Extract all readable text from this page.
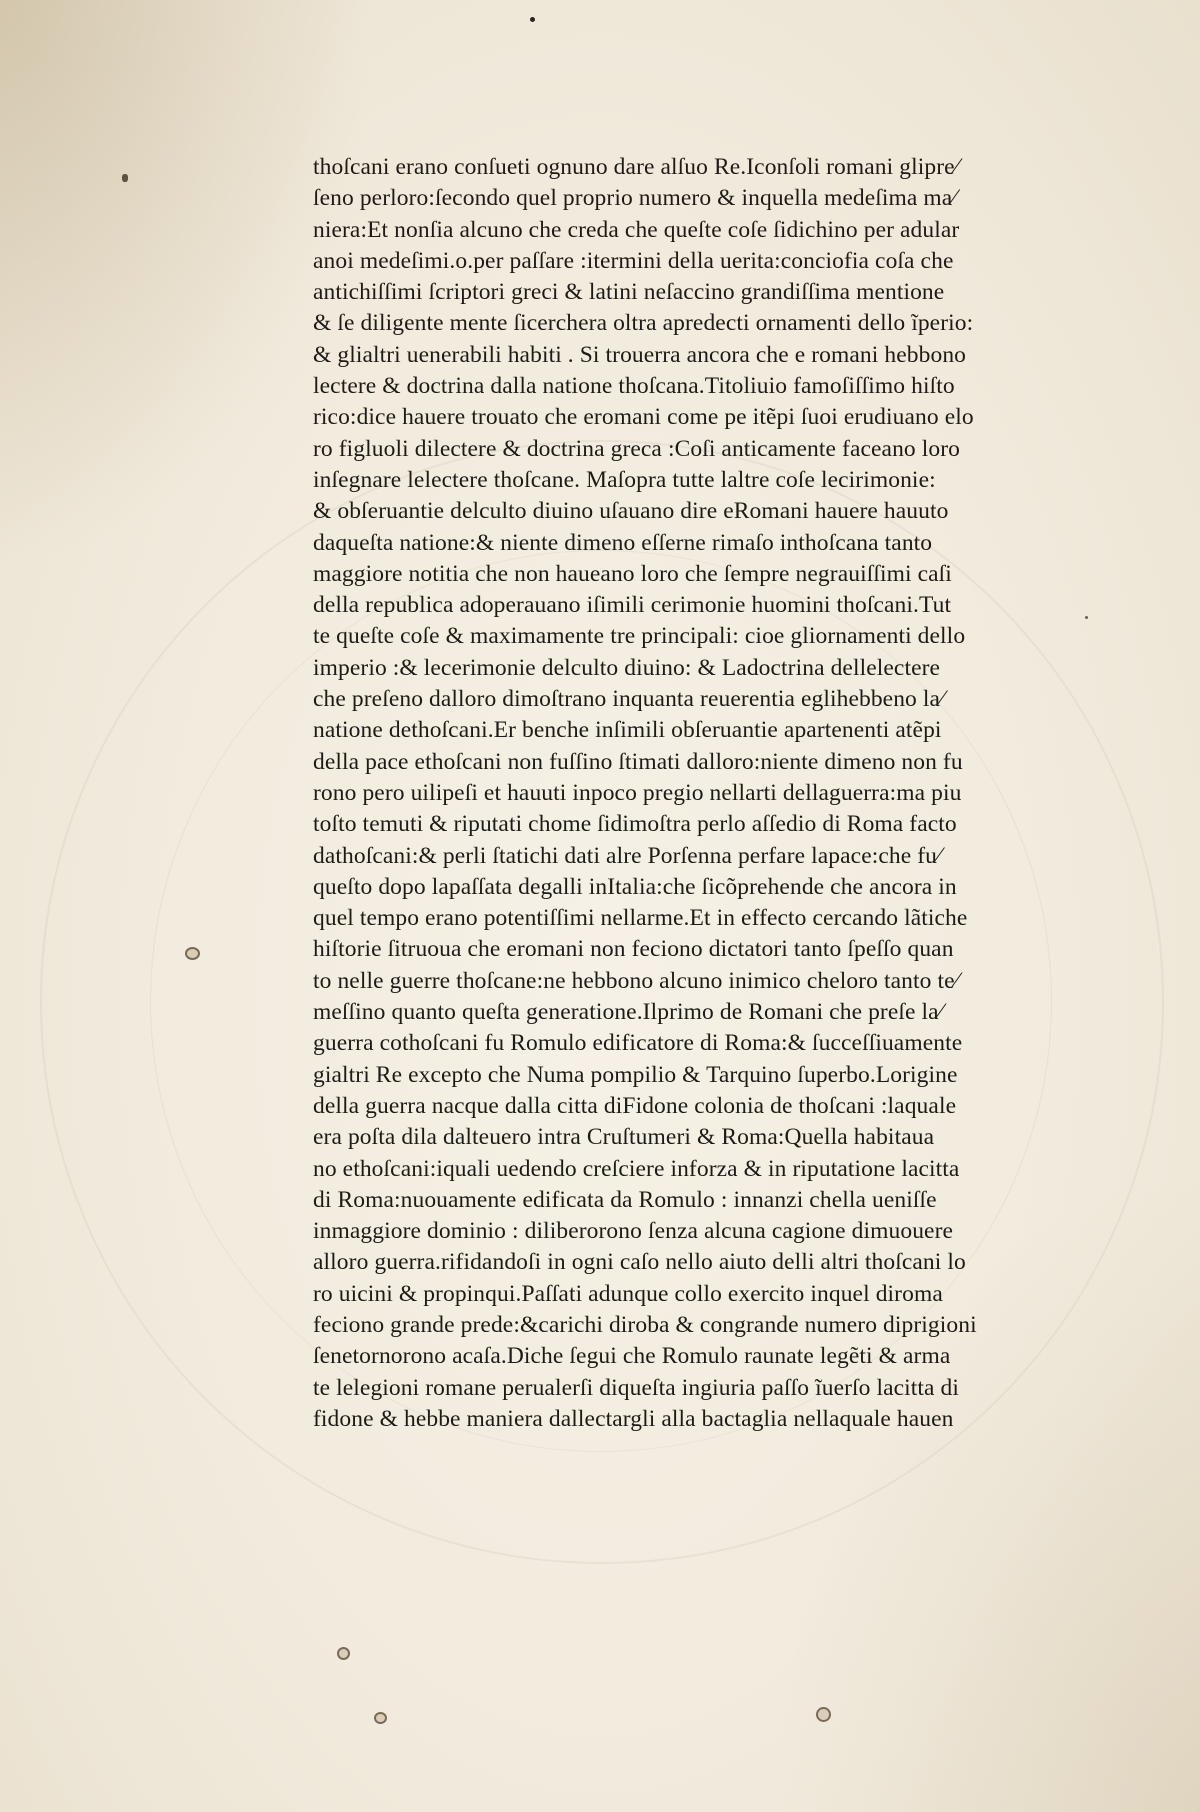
thoſcani erano conſueti ognuno dare alſuo Re.Iconſoli romani glipre⁄
ſeno perloro:ſecondo quel proprio numero & inquella medeſima ma⁄
niera:Et nonſia alcuno che creda che queſte coſe ſidichino per adular
anoi medeſimi.o.per paſſare :itermini della uerita:conciofia coſa che
antichiſſimi ſcriptori greci & latini neſaccino grandiſſima mentione
& ſe diligente mente ſicerchera oltra apredecti ornamenti dello ĩperio:
& glialtri uenerabili habiti . Si trouerra ancora che e romani hebbono
lectere & doctrina dalla natione thoſcana.Titoliuio famoſiſſimo hiſto
rico:dice hauere trouato che eromani come pe itẽpi ſuoi erudiuano elo
ro figluoli dilectere & doctrina greca :Coſi anticamente faceano loro
inſegnare lelectere thoſcane. Maſopra tutte laltre coſe lecirimonie:
& obſeruantie delculto diuino uſauano dire eRomani hauere hauuto
daqueſta natione:& niente dimeno eſſerne rimaſo inthoſcana tanto
maggiore notitia che non haueano loro che ſempre negrauiſſimi caſi
della republica adoperauano iſimili cerimonie huomini thoſcani.Tut
te queſte coſe & maximamente tre principali: cioe gliornamenti dello
imperio :& lecerimonie delculto diuino: & Ladoctrina dellelectere
che preſeno dalloro dimoſtrano inquanta reuerentia eglihebbeno la⁄
natione dethoſcani.Er benche inſimili obſeruantie apartenenti atẽpi
della pace ethoſcani non fuſſino ſtimati dalloro:niente dimeno non fu
rono pero uilipeſi et hauuti inpoco pregio nellarti dellaguerra:ma piu
toſto temuti & riputati chome ſidimoſtra perlo aſſedio di Roma facto
dathoſcani:& perli ſtatichi dati alre Porſenna perfare lapace:che fu⁄
queſto dopo lapaſſata degalli inItalia:che ſicõprehende che ancora in
quel tempo erano potentiſſimi nellarme.Et in effecto cercando lãtiche
hiſtorie ſitruoua che eromani non feciono dictatori tanto ſpeſſo quan
to nelle guerre thoſcane:ne hebbono alcuno inimico cheloro tanto te⁄
meſſino quanto queſta generatione.Ilprimo de Romani che preſe la⁄
guerra cothoſcani fu Romulo edificatore di Roma:& ſucceſſiuamente
gialtri Re excepto che Numa pompilio & Tarquino ſuperbo.Lorigine
della guerra nacque dalla citta diFidone colonia de thoſcani :laquale
era poſta dila dalteuero intra Cruſtumeri & Roma:Quella habitaua
no ethoſcani:iquali uedendo creſciere inforza & in riputatione lacitta
di Roma:nuouamente edificata da Romulo : innanzi chella ueniſſe
inmaggiore dominio : diliberorono ſenza alcuna cagione dimuouere
alloro guerra.rifidandoſi in ogni caſo nello aiuto delli altri thoſcani lo
ro uicini & propinqui.Paſſati adunque collo exercito inquel diroma
feciono grande prede:&carichi diroba & congrande numero diprigioni
ſenetornorono acaſa.Diche ſegui che Romulo raunate legẽti & arma
te lelegioni romane perualerſi diqueſta ingiuria paſſo ĩuerſo lacitta di
fidone & hebbe maniera dallectargli alla bactaglia nellaquale hauen
